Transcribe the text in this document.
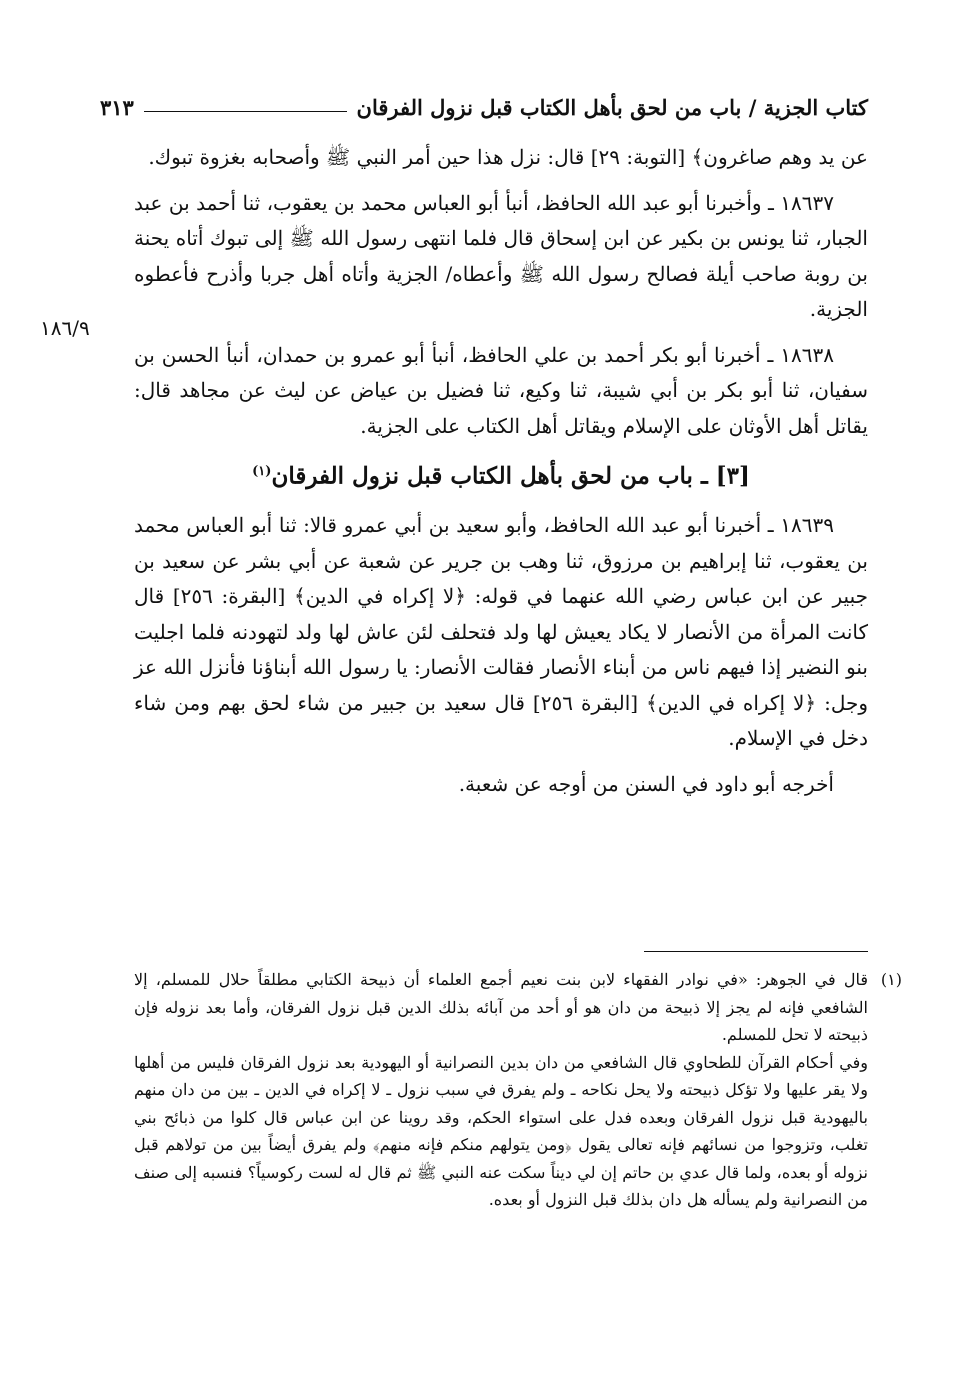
كتاب الجزية / باب من لحق بأهل الكتاب قبل نزول الفرقان
٣١٣
١٨٦/٩

عن يد وهم صاغرون﴾ [التوبة: ٢٩] قال: نزل هذا حين أمر النبي ﷺ وأصحابه بغزوة تبوك.

١٨٦٣٧ ـ وأخبرنا أبو عبد الله الحافظ، أنبأ أبو العباس محمد بن يعقوب، ثنا أحمد بن عبد الجبار، ثنا يونس بن بكير عن ابن إسحاق قال فلما انتهى رسول الله ﷺ إلى تبوك أتاه يحنة بن روبة صاحب أيلة فصالح رسول الله ﷺ وأعطاه/ الجزية وأتاه أهل جربا وأذرح فأعطوه الجزية.

١٨٦٣٨ ـ أخبرنا أبو بكر أحمد بن علي الحافظ، أنبأ أبو عمرو بن حمدان، أنبأ الحسن بن سفيان، ثنا أبو بكر بن أبي شيبة، ثنا وكيع، ثنا فضيل بن عياض عن ليث عن مجاهد قال: يقاتل أهل الأوثان على الإسلام ويقاتل أهل الكتاب على الجزية.

[٣] ـ باب من لحق بأهل الكتاب قبل نزول الفرقان$^{(١)}$

١٨٦٣٩ ـ أخبرنا أبو عبد الله الحافظ، وأبو سعيد بن أبي عمرو قالا: ثنا أبو العباس محمد بن يعقوب، ثنا إبراهيم بن مرزوق، ثنا وهب بن جرير عن شعبة عن أبي بشر عن سعيد بن جبير عن ابن عباس رضي الله عنهما في قوله: ﴿لا إكراه في الدين﴾ [البقرة: ٢٥٦] قال كانت المرأة من الأنصار لا يكاد يعيش لها ولد فتحلف لئن عاش لها ولد لتهودنه فلما اجليت بنو النضير إذا فيهم ناس من أبناء الأنصار فقالت الأنصار: يا رسول الله أبناؤنا فأنزل الله عز وجل: ﴿لا إكراه في الدين﴾ [البقرة ٢٥٦] قال سعيد بن جبير من شاء لحق بهم ومن شاء دخل في الإسلام.

أخرجه أبو داود في السنن من أوجه عن شعبة.

(١)قال في الجوهر: «في نوادر الفقهاء لابن بنت نعيم أجمع العلماء أن ذبيحة الكتابي مطلقاً حلال للمسلم، إلا الشافعي فإنه لم يجز إلا ذبيحة من دان هو أو أحد من آبائه بذلك الدين قبل نزول الفرقان، وأما بعد نزوله فإن ذبيحته لا تحل للمسلم.

وفي أحكام القرآن للطحاوي قال الشافعي من دان بدين النصرانية أو اليهودية بعد نزول الفرقان فليس من أهلها ولا يقر عليها ولا تؤكل ذبيحته ولا يحل نكاحه ـ ولم يفرق في سبب نزول ـ لا إكراه في الدين ـ بين من دان منهم باليهودية قبل نزول الفرقان وبعده فدل على استواء الحكم، وقد روينا عن ابن عباس قال كلوا من ذبائح بني تغلب، وتزوجوا من نسائهم فإنه تعالى يقول ﴿ومن يتولهم منكم فإنه منهم﴾ ولم يفرق أيضاً بين من تولاهم قبل نزوله أو بعده، ولما قال عدي بن حاتم إن لي ديناً سكت عنه النبي ﷺ ثم قال له لست ركوسياً؟ فنسبه إلى صنف من النصرانية ولم يسأله هل دان بذلك قبل النزول أو بعده.
